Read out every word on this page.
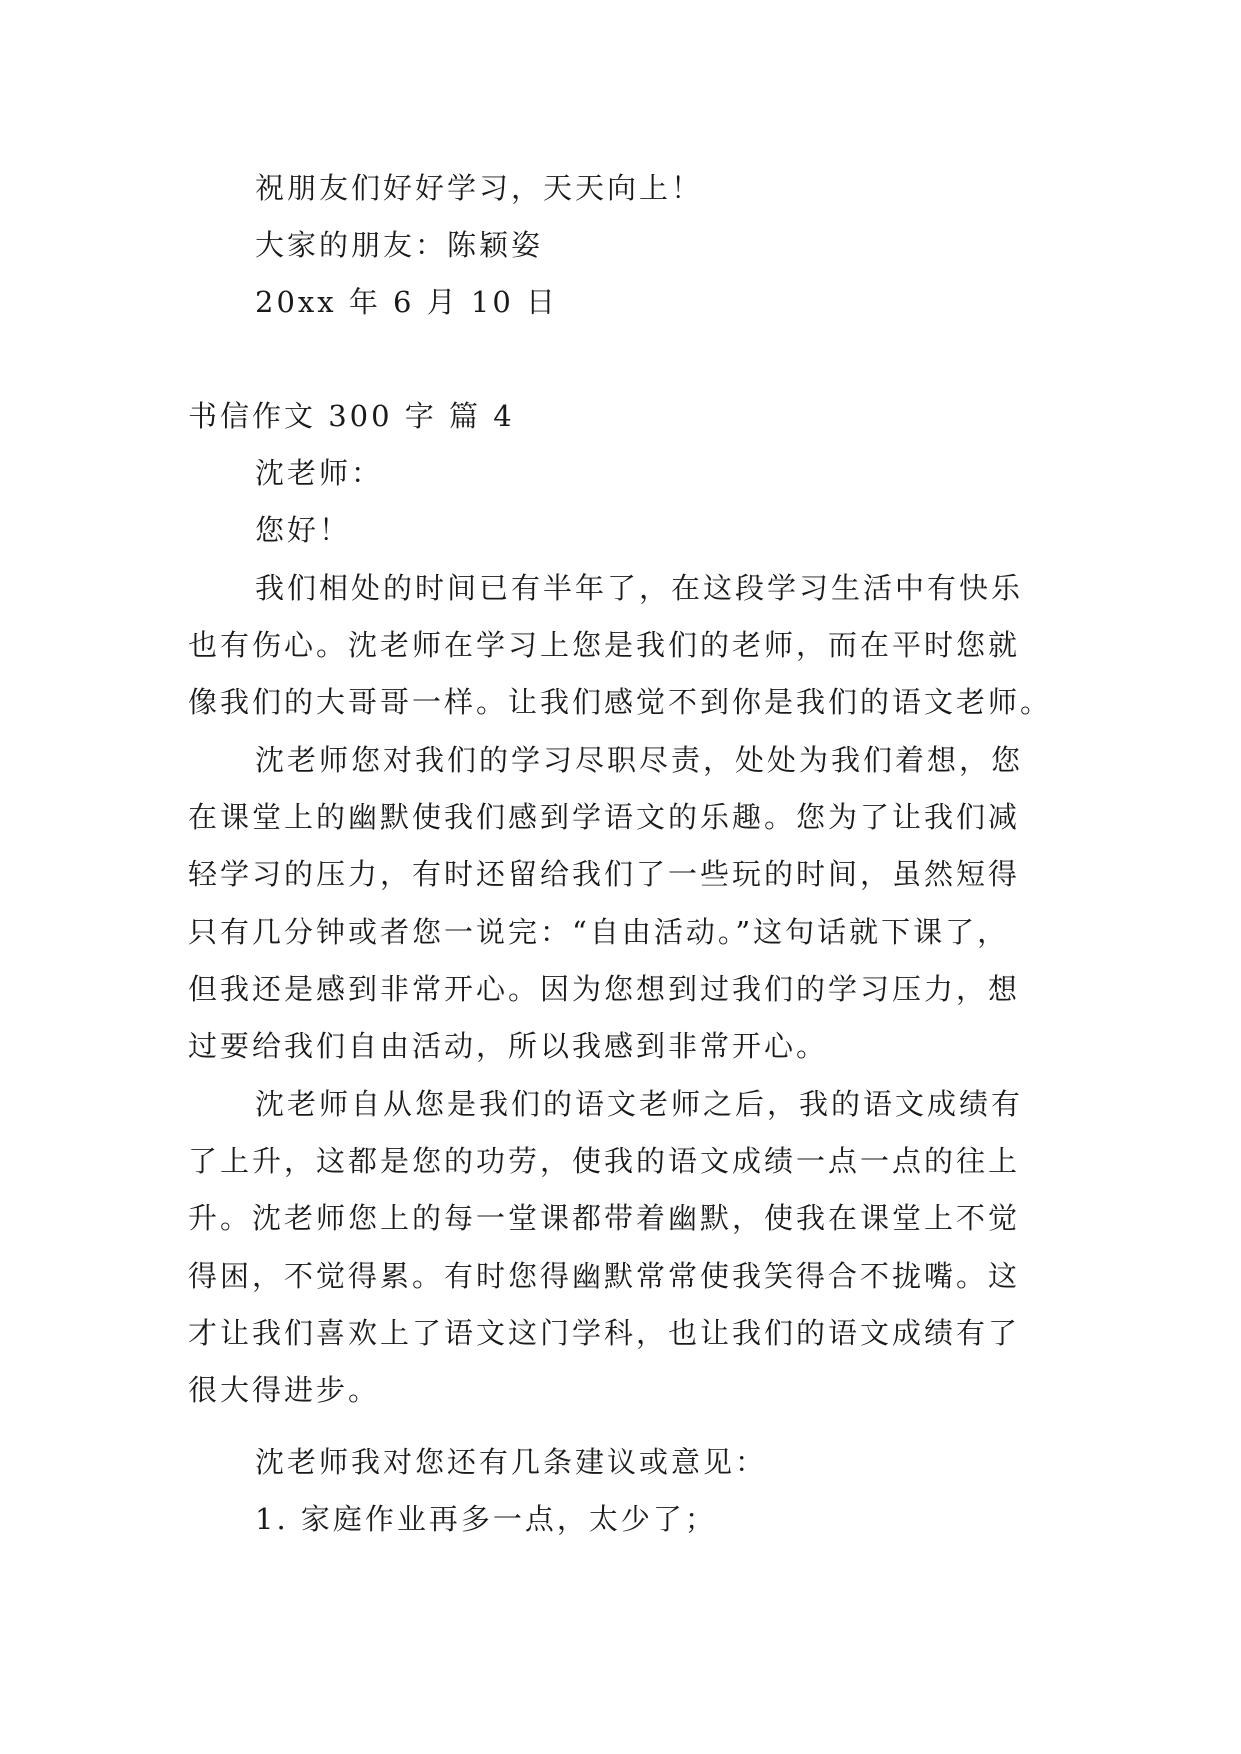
祝朋友们好好学习，天天向上！
大家的朋友：陈颖姿
20xx 年 6 月 10 日
书信作文 300 字 篇 4
沈老师：
您好！
我们相处的时间已有半年了，在这段学习生活中有快乐
也有伤心。沈老师在学习上您是我们的老师，而在平时您就
像我们的大哥哥一样。让我们感觉不到你是我们的语文老师。
沈老师您对我们的学习尽职尽责，处处为我们着想，您
在课堂上的幽默使我们感到学语文的乐趣。您为了让我们减
轻学习的压力，有时还留给我们了一些玩的时间，虽然短得
只有几分钟或者您一说完：“自由活动。”这句话就下课了，
但我还是感到非常开心。因为您想到过我们的学习压力，想
过要给我们自由活动，所以我感到非常开心。
沈老师自从您是我们的语文老师之后，我的语文成绩有
了上升，这都是您的功劳，使我的语文成绩一点一点的往上
升。沈老师您上的每一堂课都带着幽默，使我在课堂上不觉
得困，不觉得累。有时您得幽默常常使我笑得合不拢嘴。这
才让我们喜欢上了语文这门学科，也让我们的语文成绩有了
很大得进步。
沈老师我对您还有几条建议或意见：
1. 家庭作业再多一点，太少了；
